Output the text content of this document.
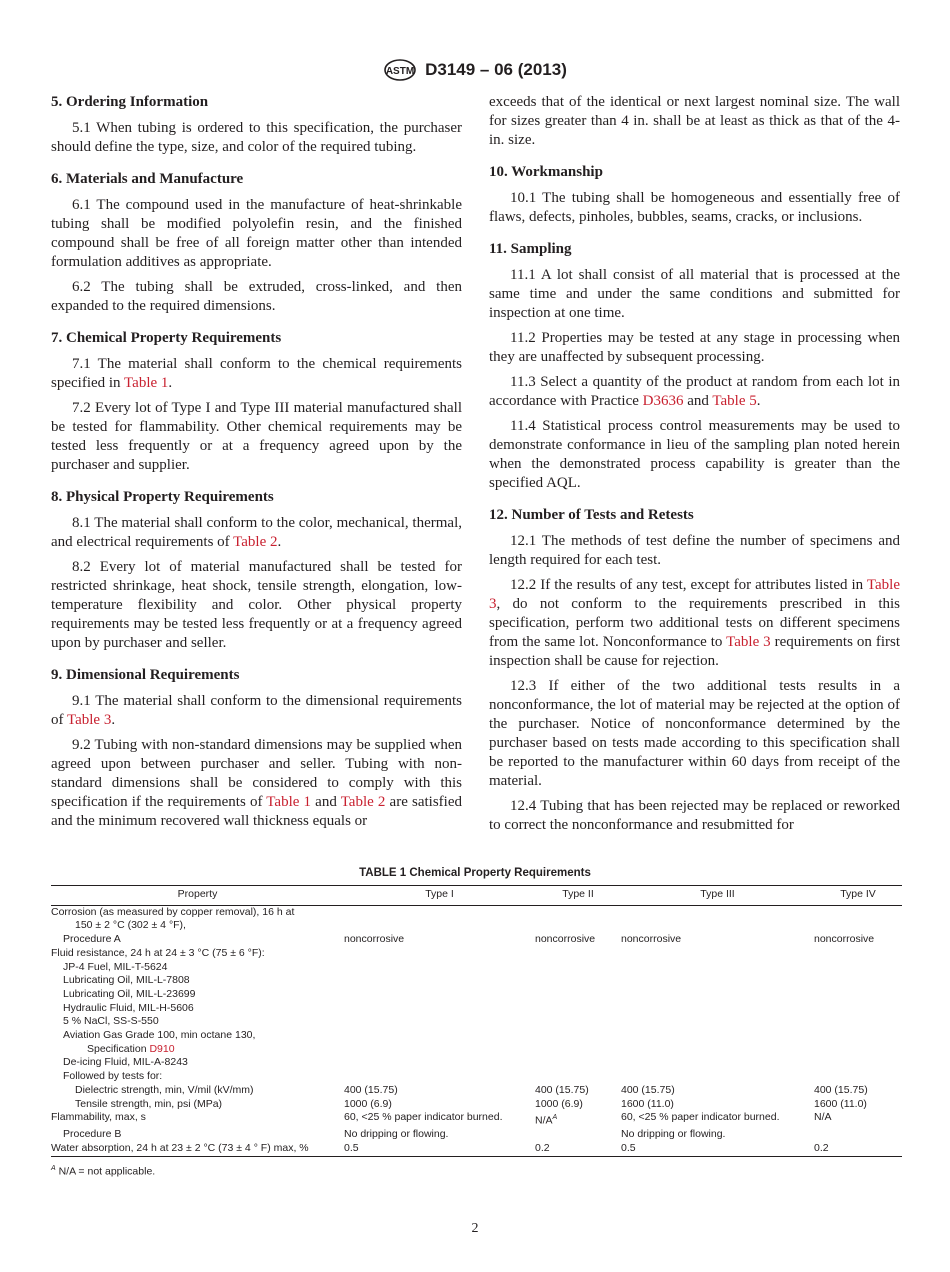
ASTM D3149 – 06 (2013)
5. Ordering Information

5.1 When tubing is ordered to this specification, the purchaser should define the type, size, and color of the required tubing.

6. Materials and Manufacture

6.1 The compound used in the manufacture of heat-shrinkable tubing shall be modified polyolefin resin, and the finished compound shall be free of all foreign matter other than intended formulation additives as appropriate.

6.2 The tubing shall be extruded, cross-linked, and then expanded to the required dimensions.

7. Chemical Property Requirements

7.1 The material shall conform to the chemical requirements specified in Table 1.

7.2 Every lot of Type I and Type III material manufactured shall be tested for flammability. Other chemical requirements may be tested less frequently or at a frequency agreed upon by the purchaser and supplier.

8. Physical Property Requirements

8.1 The material shall conform to the color, mechanical, thermal, and electrical requirements of Table 2.

8.2 Every lot of material manufactured shall be tested for restricted shrinkage, heat shock, tensile strength, elongation, low-temperature flexibility and color. Other physical property requirements may be tested less frequently or at a frequency agreed upon by purchaser and seller.

9. Dimensional Requirements

9.1 The material shall conform to the dimensional requirements of Table 3.

9.2 Tubing with non-standard dimensions may be supplied when agreed upon between purchaser and seller. Tubing with non-standard dimensions shall be considered to comply with this specification if the requirements of Table 1 and Table 2 are satisfied and the minimum recovered wall thickness equals or

exceeds that of the identical or next largest nominal size. The wall for sizes greater than 4 in. shall be at least as thick as that of the 4-in. size.

10. Workmanship

10.1 The tubing shall be homogeneous and essentially free of flaws, defects, pinholes, bubbles, seams, cracks, or inclusions.

11. Sampling

11.1 A lot shall consist of all material that is processed at the same time and under the same conditions and submitted for inspection at one time.

11.2 Properties may be tested at any stage in processing when they are unaffected by subsequent processing.

11.3 Select a quantity of the product at random from each lot in accordance with Practice D3636 and Table 5.

11.4 Statistical process control measurements may be used to demonstrate conformance in lieu of the sampling plan noted herein when the demonstrated process capability is greater than the specified AQL.

12. Number of Tests and Retests

12.1 The methods of test define the number of specimens and length required for each test.

12.2 If the results of any test, except for attributes listed in Table 3, do not conform to the requirements prescribed in this specification, perform two additional tests on different specimens from the same lot. Nonconformance to Table 3 requirements on first inspection shall be cause for rejection.

12.3 If either of the two additional tests results in a nonconformance, the lot of material may be rejected at the option of the purchaser. Notice of nonconformance determined by the purchaser based on tests made according to this specification shall be reported to the manufacturer within 60 days from receipt of the material.

12.4 Tubing that has been rejected may be replaced or reworked to correct the nonconformance and resubmitted for

TABLE 1 Chemical Property Requirements
Property	Type I	Type II	Type III	Type IV
Corrosion (as measured by copper removal), 16 h at				
150 ± 2 °C (302 ± 4 °F),				
Procedure A	noncorrosive	noncorrosive	noncorrosive	noncorrosive
Fluid resistance, 24 h at 24 ± 3 °C (75 ± 6 °F):				
JP-4 Fuel, MIL-T-5624				
Lubricating Oil, MIL-L-7808				
Lubricating Oil, MIL-L-23699				
Hydraulic Fluid, MIL-H-5606				
5 % NaCl, SS-S-550				
Aviation Gas Grade 100, min octane 130,				
Specification D910				
De-icing Fluid, MIL-A-8243				
Followed by tests for:				
Dielectric strength, min, V/mil (kV/mm)	400 (15.75)	400 (15.75)	400 (15.75)	400 (15.75)
Tensile strength, min, psi (MPa)	1000 (6.9)	1000 (6.9)	1600 (11.0)	1600 (11.0)
Flammability, max, s	60, <25 % paper indicator burned.	$N/A^A$	60, <25 % paper indicator burned.	N/A
Procedure B	No dripping or flowing.		No dripping or flowing.	
Water absorption, 24 h at 23 ± 2 °C (73 ± 4 ° F) max, %	0.5	0.2	0.5	0.2
$^A$ N/A = not applicable.
2
